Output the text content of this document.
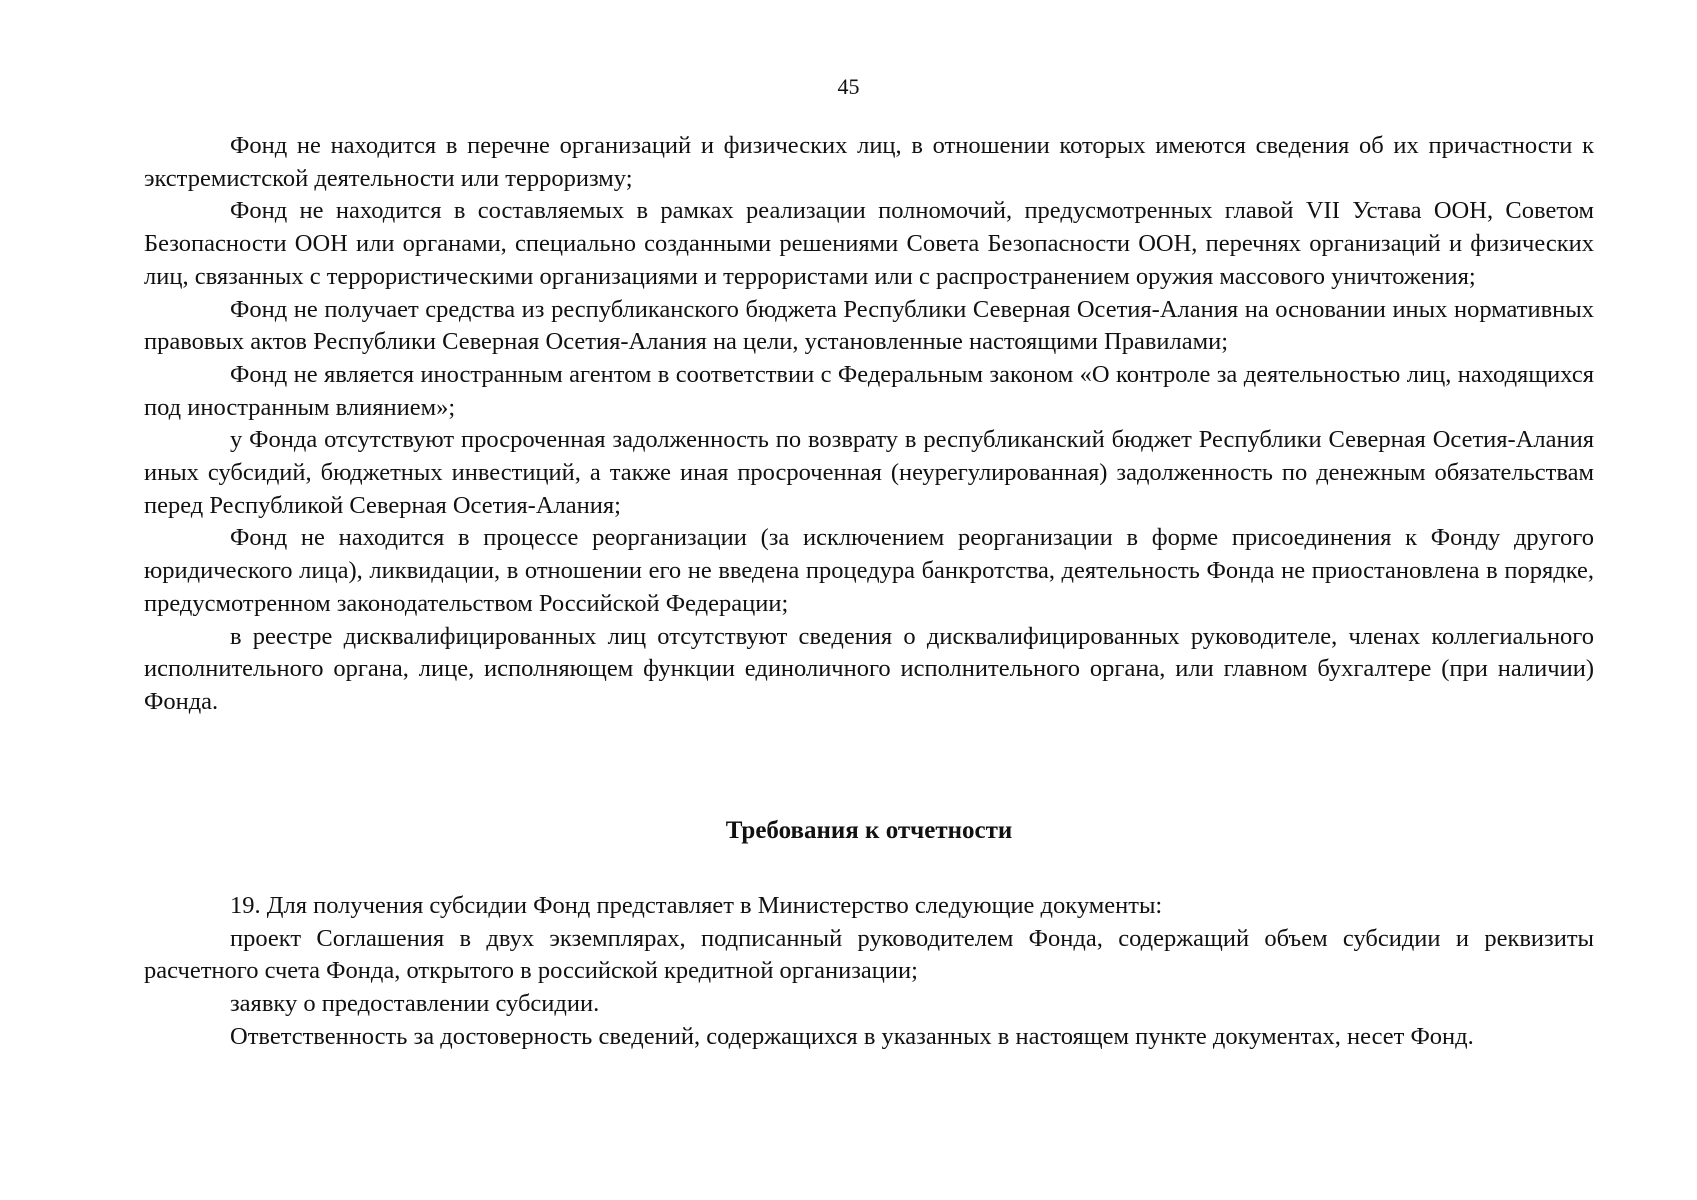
45

Фонд не находится в перечне организаций и физических лиц, в отношении которых имеются сведения об их причастности к экстремистской деятельности или терроризму;

Фонд не находится в составляемых в рамках реализации полномочий, предусмотренных главой VII Устава ООН, Советом Безопасности ООН или органами, специально созданными решениями Совета Безопасности ООН, перечнях организаций и физических лиц, связанных с террористическими организациями и террористами или с распространением оружия массового уничтожения;

Фонд не получает средства из республиканского бюджета Республики Северная Осетия-Алания на основании иных нормативных правовых актов Республики Северная Осетия-Алания на цели, установленные настоящими Правилами;

Фонд не является иностранным агентом в соответствии с Федеральным законом «О контроле за деятельностью лиц, находящихся под иностранным влиянием»;

у Фонда отсутствуют просроченная задолженность по возврату в республиканский бюджет Республики Северная Осетия-Алания иных субсидий, бюджетных инвестиций, а также иная просроченная (неурегулированная) задолженность по денежным обязательствам перед Республикой Северная Осетия-Алания;

Фонд не находится в процессе реорганизации (за исключением реорганизации в форме присоединения к Фонду другого юридического лица), ликвидации, в отношении его не введена процедура банкротства, деятельность Фонда не приостановлена в порядке, предусмотренном законодательством Российской Федерации;

в реестре дисквалифицированных лиц отсутствуют сведения о дисквалифицированных руководителе, членах коллегиального исполнительного органа, лице, исполняющем функции единоличного исполнительного органа, или главном бухгалтере (при наличии) Фонда.

Требования к отчетности

19. Для получения субсидии Фонд представляет в Министерство следующие документы:

проект Соглашения в двух экземплярах, подписанный руководителем Фонда, содержащий объем субсидии и реквизиты расчетного счета Фонда, открытого в российской кредитной организации;

заявку о предоставлении субсидии.

Ответственность за достоверность сведений, содержащихся в указанных в настоящем пункте документах, несет Фонд.
